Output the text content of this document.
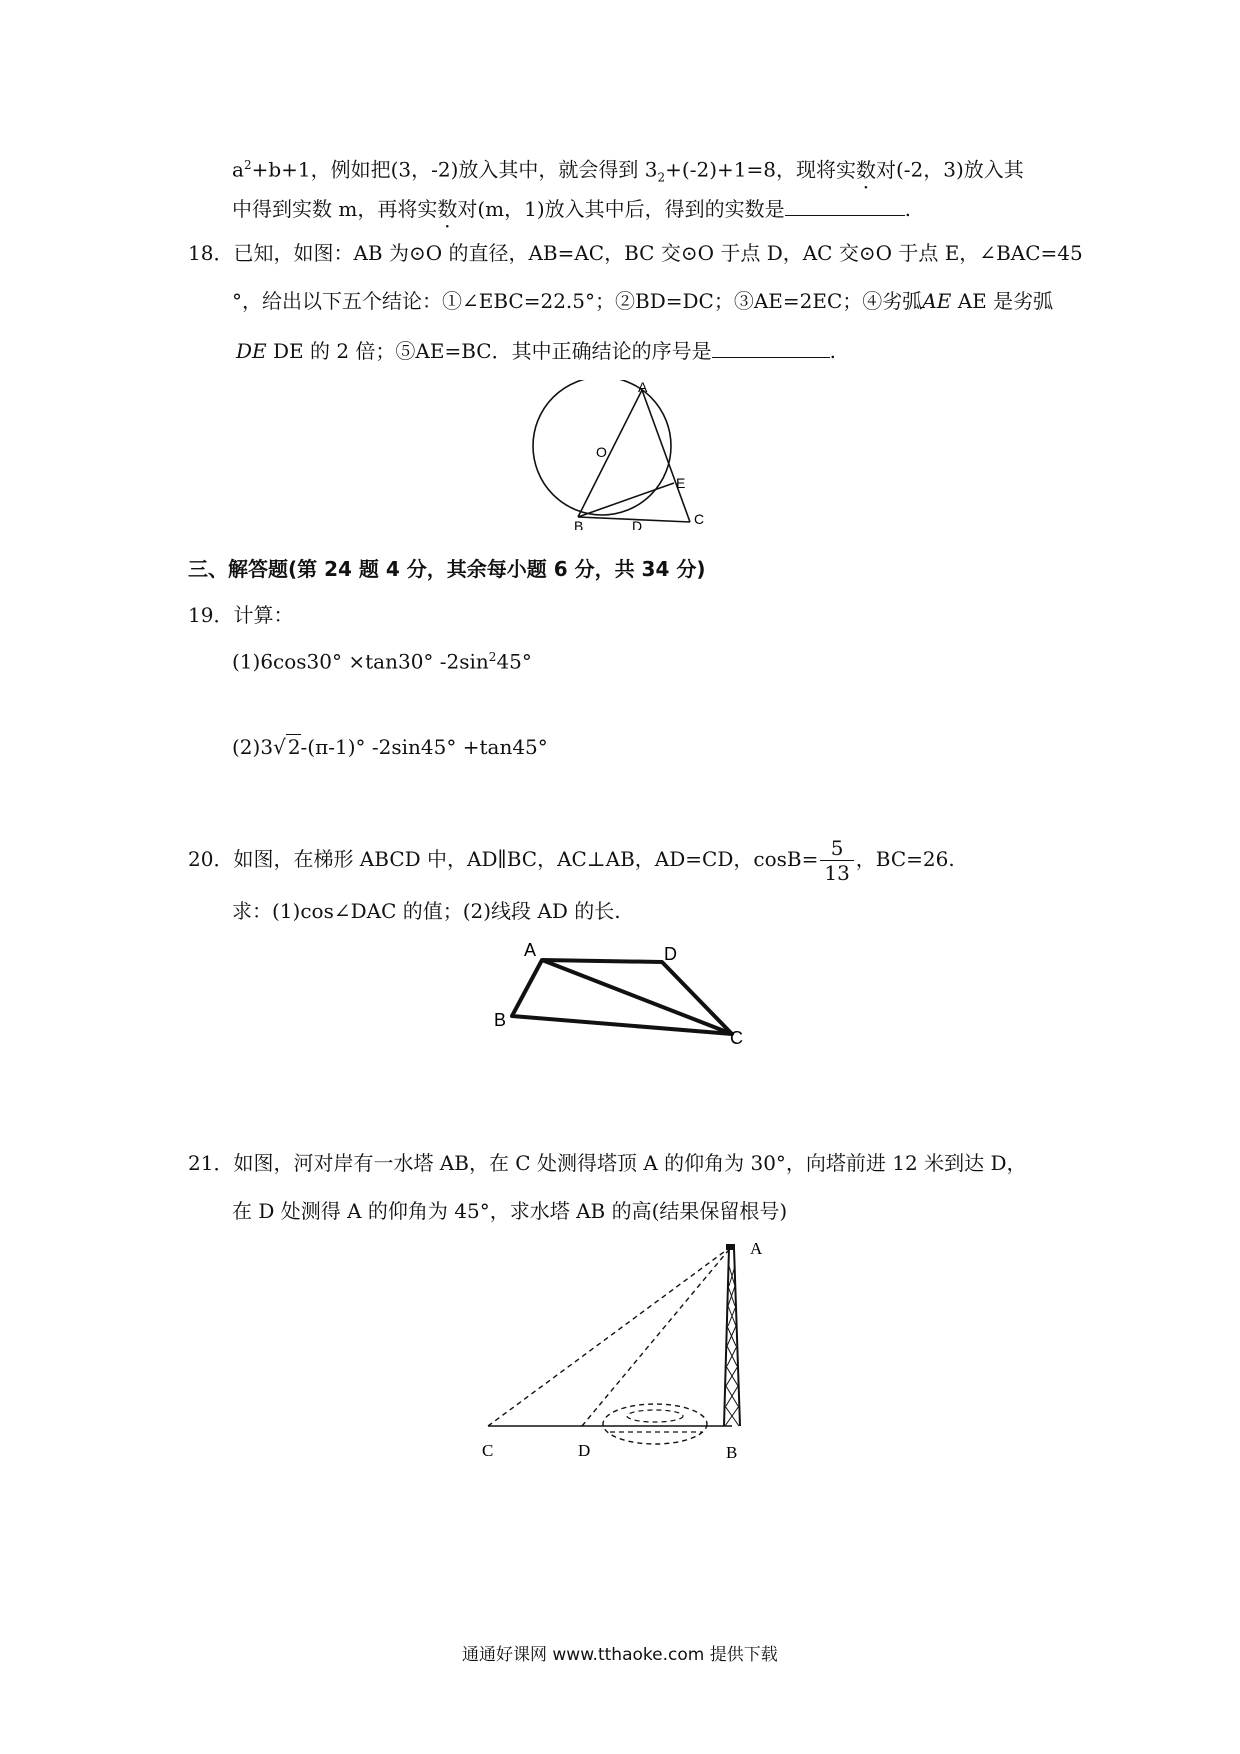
$a^2+b+1$，例如把(3，-2)放入其中，就会得到 $3_2+(-2)+1=8$，现将实数对(-2，3)放入其
中得到实数 m，再将实数对(m，1)放入其中后，得到的实数是	.
18．已知，如图：AB 为⊙O 的直径，AB=AC，BC 交⊙O 于点 D，AC 交⊙O 于点 E，∠BAC=45
°，给出以下五个结论：①∠EBC=22.5°；②BD=DC；③AE=2EC；④劣弧AE AE 是劣弧
DE DE 的 2 倍；⑤AE=BC．其中正确结论的序号是	.
A
O
E
B	D	C
三、解答题(第 24 题 4 分，其余每小题 6 分，共 34 分)
19．计算：
(1)6cos30° ×tan30° $-2\sin^245^\circ$
(2)3√ 2-(π-1)° -2sin45° +tan45°
20．如图，在梯形 ABCD 中，AD∥BC，AC⊥AB，AD=CD，$\cos B= \frac{5}{13}$ ，BC=26.
求：(1)cos∠DAC 的值；(2)线段 AD 的长.
A	D
B
C
21．如图，河对岸有一水塔 AB，在 C 处测得塔顶 A 的仰角为 30°，向塔前进 12 米到达 D，
在 D 处测得 A 的仰角为 45°，求水塔 AB 的高(结果保留根号)
A
C	D	B
通通好课网 www.tthaoke.com 提供下载
